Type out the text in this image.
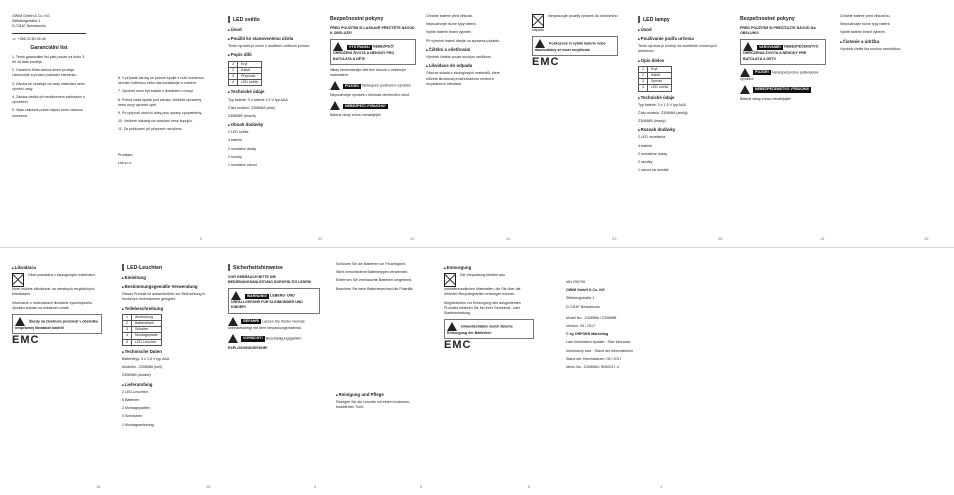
OWIM GmbH & Co. KG

Stiftsbergstraße 1

D-74167 Neckarsulm

☏ +356 20 80 26 46

Garanciální list

1. Tento garanciální list platí pouze na dobu 3 let od data prodeje.

2. Garanční lhůta začíná dnem prodeje. Uschovejte si prosím pokladní stvrzenku.

3. Záruka se vztahuje na vady materiálu nebo výrobní vady.

4. Záruka zaniká při neodborném zacházení s výrobkem.

5. Vaše zákonná práva nejsou touto zárukou omezena.

6. V případě záruky se prosím spojte s níže uvedenou servisní hotlinkou nebo nás kontaktujte e-mailem.

7. Výrobek musí být zaslán s dokladem o koupi.

8. Pokud vada spadá pod záruku, obdržíte opravený nebo nový výrobek zpět.

9. Po uplynutí záruční doby jsou opravy zpoplatněny.

10. Veškeré náklady na odeslání nese kupující.

11. Za poškození při přepravě neručíme.

Prodejce:

Lidl s.r.o.

9
LED světlo
■ Úvod
■ Použití ke stanovenému účelu

Tento výrobek je určen k osvětlení vnitřních prostor.

■ Popis dílů
1	Kryt
2	Kabel
3	Přepínač
4	LED světlo
■ Technické údaje

Typ baterie: 3 x baterie 1,5 V typ AAA

Číslo modelu: Z30898A (lesk)

Z30898B (tmavá)

■ Obsah dodávky

2 LED světla

4 baterie

2 montážní desky

2 šrouby

1 montážní návod

22
Bezpečnostní pokyny

PŘED POUŽITÍM SI LASKAVĚ PŘEČTĚTE NÁVOD K OBSLUZE!

VÝSTRAHA! NEBEZPEČÍ OHROŽENÍ ŽIVOTA A NEHODY PRO BATOLATA A DĚTI!

Nikdy nenechávejte děti bez dozoru s obalovým materiálem.

POZOR! Nebezpečí poškození výrobku!

Nepoužívejte výrobek v blízkosti otevřeného ohně.

NEBEZPEČÍ VÝBUCHU!

Baterie nikdy znovu nenabíjejte!

12

Chraňte baterie před vlhkostí.

Nepoužívejte různé typy baterií.

Vybité baterie ihned vyjměte.

Při výměně baterií dbejte na správnou polaritu.

■ Čištění a ošetřování

Výrobek čistěte pouze suchým hadříkem.

■ Likvidace do odpadu

Obal se skládá z ekologických materiálů, které můžete likvidovat prostřednictvím místních recyklačních středisek.

13

Nevyhazujte použitý výrobek do domovního odpadu.

Poškozené či vybité baterie nebo akumulátory se musí recyklovat.
EMC
23
LED lampy
■ Úvod
■ Používanie podľa určenia

Tento výrobok je určený na osvetlenie vnútorných priestorov.

■ Opis dielov
1	Kryt
2	Kábel
3	Spínač
4	LED svetlo
■ Technické údaje

Typ batérie: 3 x 1,5 V typ AAA

Číslo modelu: Z30898A (lesklý)

Z30898B (tmavý)

■ Rozsah dodávky

2 LED osvetlenia

4 batérie

2 montážne dosky

2 skrutky

1 návod na montáž

26
Bezpečnostné pokyny

PRED POUŽITÍM SI PREČÍTAJTE NÁVOD NA OBSLUHU!

VAROVANIE! NEBEZPEČENSTVO OHROZENIA ŽIVOTA A NEHODY PRE BATOLATÁ A DETI!

POZOR! Nebezpečenstvo poškodenia výrobku!

NEBEZPEČENSTVO VÝBUCHU!

Batérie nikdy znovu nenabíjajte!

14

Chráňte batérie pred vlhkosťou.

Nepoužívajte rôzne typy batérií.

Vybité batérie ihneď vyberte.

■ Čistenie a údržba

Výrobok čistite iba suchou handričkou.

15
■ Likvidácia

Obal pozostáva z ekologických materiálov, ktoré môžete zlikvidovať na miestnych recyklačných strediskách.

Informácie o možnostiach likvidácie vysluhujúceho výrobku získate na miestnom úrade.

Škody na životnom prostredí v dôsledku nesprávnej likvidácie batérií!
EMC
18
LED-Leuchten
■ Einleitung
■ Bestimmungsgemäße Verwendung

Dieses Produkt ist ausschließlich zur Beleuchtung in trockenen Innenräumen geeignet.

■ Teilebeschreibung
1	Abdeckung
2	Batteriefach
3	Schalter
4	Montageplatte
5	LED-Leuchte
■ Technische Daten

Batterietyp: 3 x 1,5 V typ AAA

Modellnr.: Z30898A (hell)

Z30898B (dunkel)

■ Lieferumfang

2 LED-Leuchten

6 Batterien

2 Montageplatten

4 Schrauben

1 Montageanleitung

18
Sicherheitshinweise

VOR GEBRAUCH BITTE DIE BEDIENUNGSANLEITUNG SORGFÄLTIG LESEN!

WARNUNG! LEBENS- UND UNFALLGEFAHR FÜR KLEINKINDER UND KINDER!

GEFAHR! Lassen Sie Kinder niemals unbeaufsichtigt mit dem Verpackungsmaterial.

VORSICHT! Beschädigungsgefahr!

EXPLOSIONSGEFAHR!

4

Schützen Sie die Batterien vor Feuchtigkeit.

Nicht verschiedene Batterietypen verwenden.

Entfernen Sie verbrauchte Batterien umgehend.

Beachten Sie beim Batteriewechsel die Polarität.

■ Reinigung und Pflege

Reinigen Sie die Leuchte mit einem trockenen, fusselfreien Tuch.

5
■ Entsorgung

Die Verpackung besteht aus umweltfreundlichen Materialien, die Sie über die örtlichen Recyclingstellen entsorgen können.

Möglichkeiten zur Entsorgung des ausgedienten Produkts erfahren Sie bei Ihrer Gemeinde- oder Stadtverwaltung.

Umweltschäden durch falsche Entsorgung der Batterien!
EMC
6

IAN 290799

OWIM GmbH & Co. KG

Stiftsbergstraße 1

D-74167 Neckarsulm

Model No.: Z30898A / Z30898B

Version: 05 / 2017

© by ORFGEN Marketing

Last Information Update · Stav informací

Informačný stav · Stand der Informationen

Stand der Informationen: 05 / 2017

Ident.-No.: Z30898A / B052017-4

1
